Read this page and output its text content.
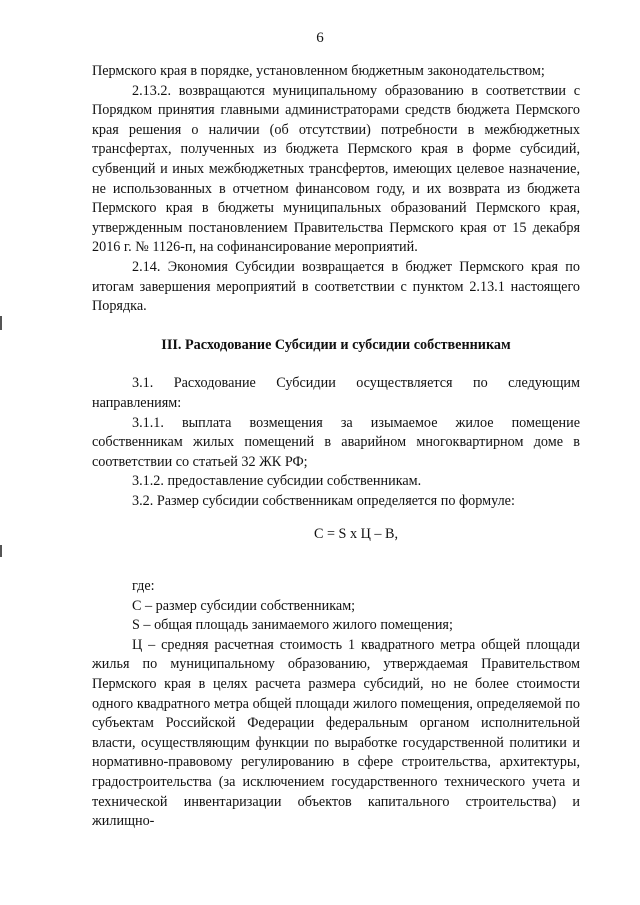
6

Пермского края в порядке, установленном бюджетным законодательством;

2.13.2. возвращаются муниципальному образованию в соответствии с Порядком принятия главными администраторами средств бюджета Пермского края решения о наличии (об отсутствии) потребности в межбюджетных трансфертах, полученных из бюджета Пермского края в форме субсидий, субвенций и иных межбюджетных трансфертов, имеющих целевое назначение, не использованных в отчетном финансовом году, и их возврата из бюджета Пермского края в бюджеты муниципальных образований Пермского края, утвержденным постановлением Правительства Пермского края от 15 декабря 2016 г. № 1126-п, на софинансирование мероприятий.

2.14. Экономия Субсидии возвращается в бюджет Пермского края по итогам завершения мероприятий в соответствии с пунктом 2.13.1 настоящего Порядка.

III. Расходование Субсидии и субсидии собственникам

3.1. Расходование Субсидии осуществляется по следующим направлениям:

3.1.1. выплата возмещения за изымаемое жилое помещение собственникам жилых помещений в аварийном многоквартирном доме в соответствии со статьей 32 ЖК РФ;

3.1.2. предоставление субсидии собственникам.

3.2. Размер субсидии собственникам определяется по формуле:

С = S х Ц – В,

где:

С – размер субсидии собственникам;

S – общая площадь занимаемого жилого помещения;

Ц – средняя расчетная стоимость 1 квадратного метра общей площади жилья по муниципальному образованию, утверждаемая Правительством Пермского края в целях расчета размера субсидий, но не более стоимости одного квадратного метра общей площади жилого помещения, определяемой по субъектам Российской Федерации федеральным органом исполнительной власти, осуществляющим функции по выработке государственной политики и нормативно-правовому регулированию в сфере строительства, архитектуры, градостроительства (за исключением государственного технического учета и технической инвентаризации объектов капитального строительства) и жилищно-
